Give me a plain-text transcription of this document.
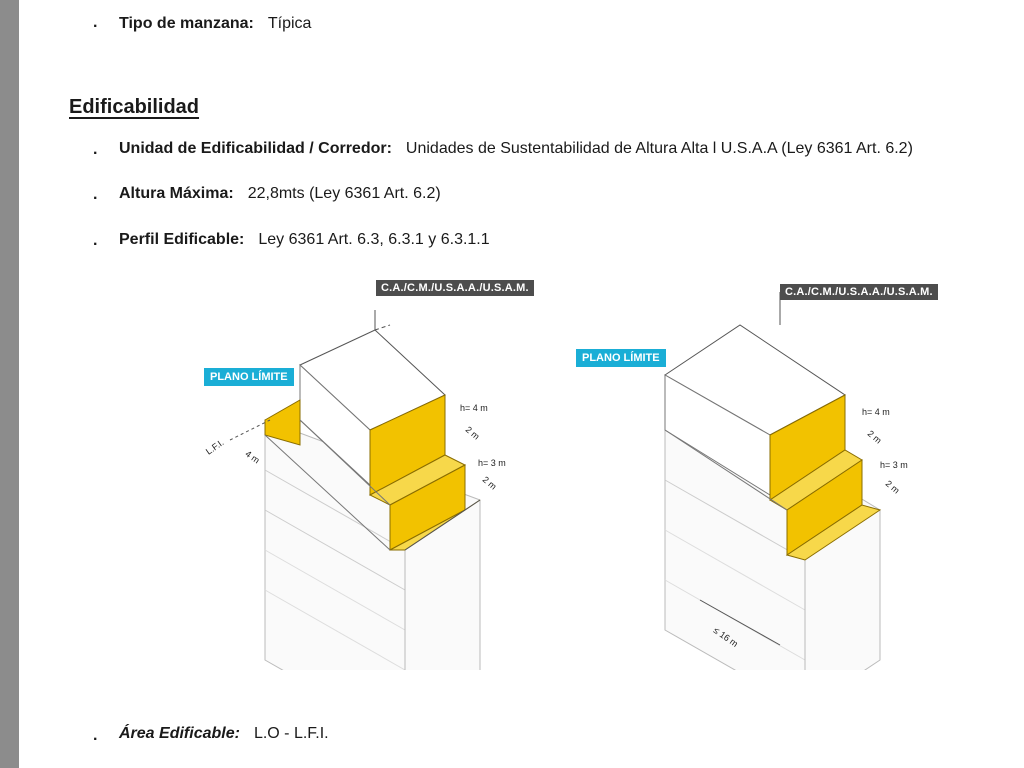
. Tipo de manzana: Típica
Edificabilidad
. Unidad de Edificabilidad / Corredor: Unidades de Sustentabilidad de Altura Alta l U.S.A.A (Ley 6361 Art. 6.2)
. Altura Máxima: 22,8mts (Ley 6361 Art. 6.2)
. Perfil Edificable: Ley 6361 Art. 6.3, 6.3.1 y 6.3.1.1
C.A./C.M./U.S.A.A./U.S.A.M.
PLANO LÍMITE
h= 4 m
2 m
h= 3 m
2 m
L.F.I.
4 m
C.A./C.M./U.S.A.A./U.S.A.M.
PLANO LÍMITE
h= 4 m
2 m
h= 3 m
2 m
≤ 16 m
. Área Edificable: L.O - L.F.I.
